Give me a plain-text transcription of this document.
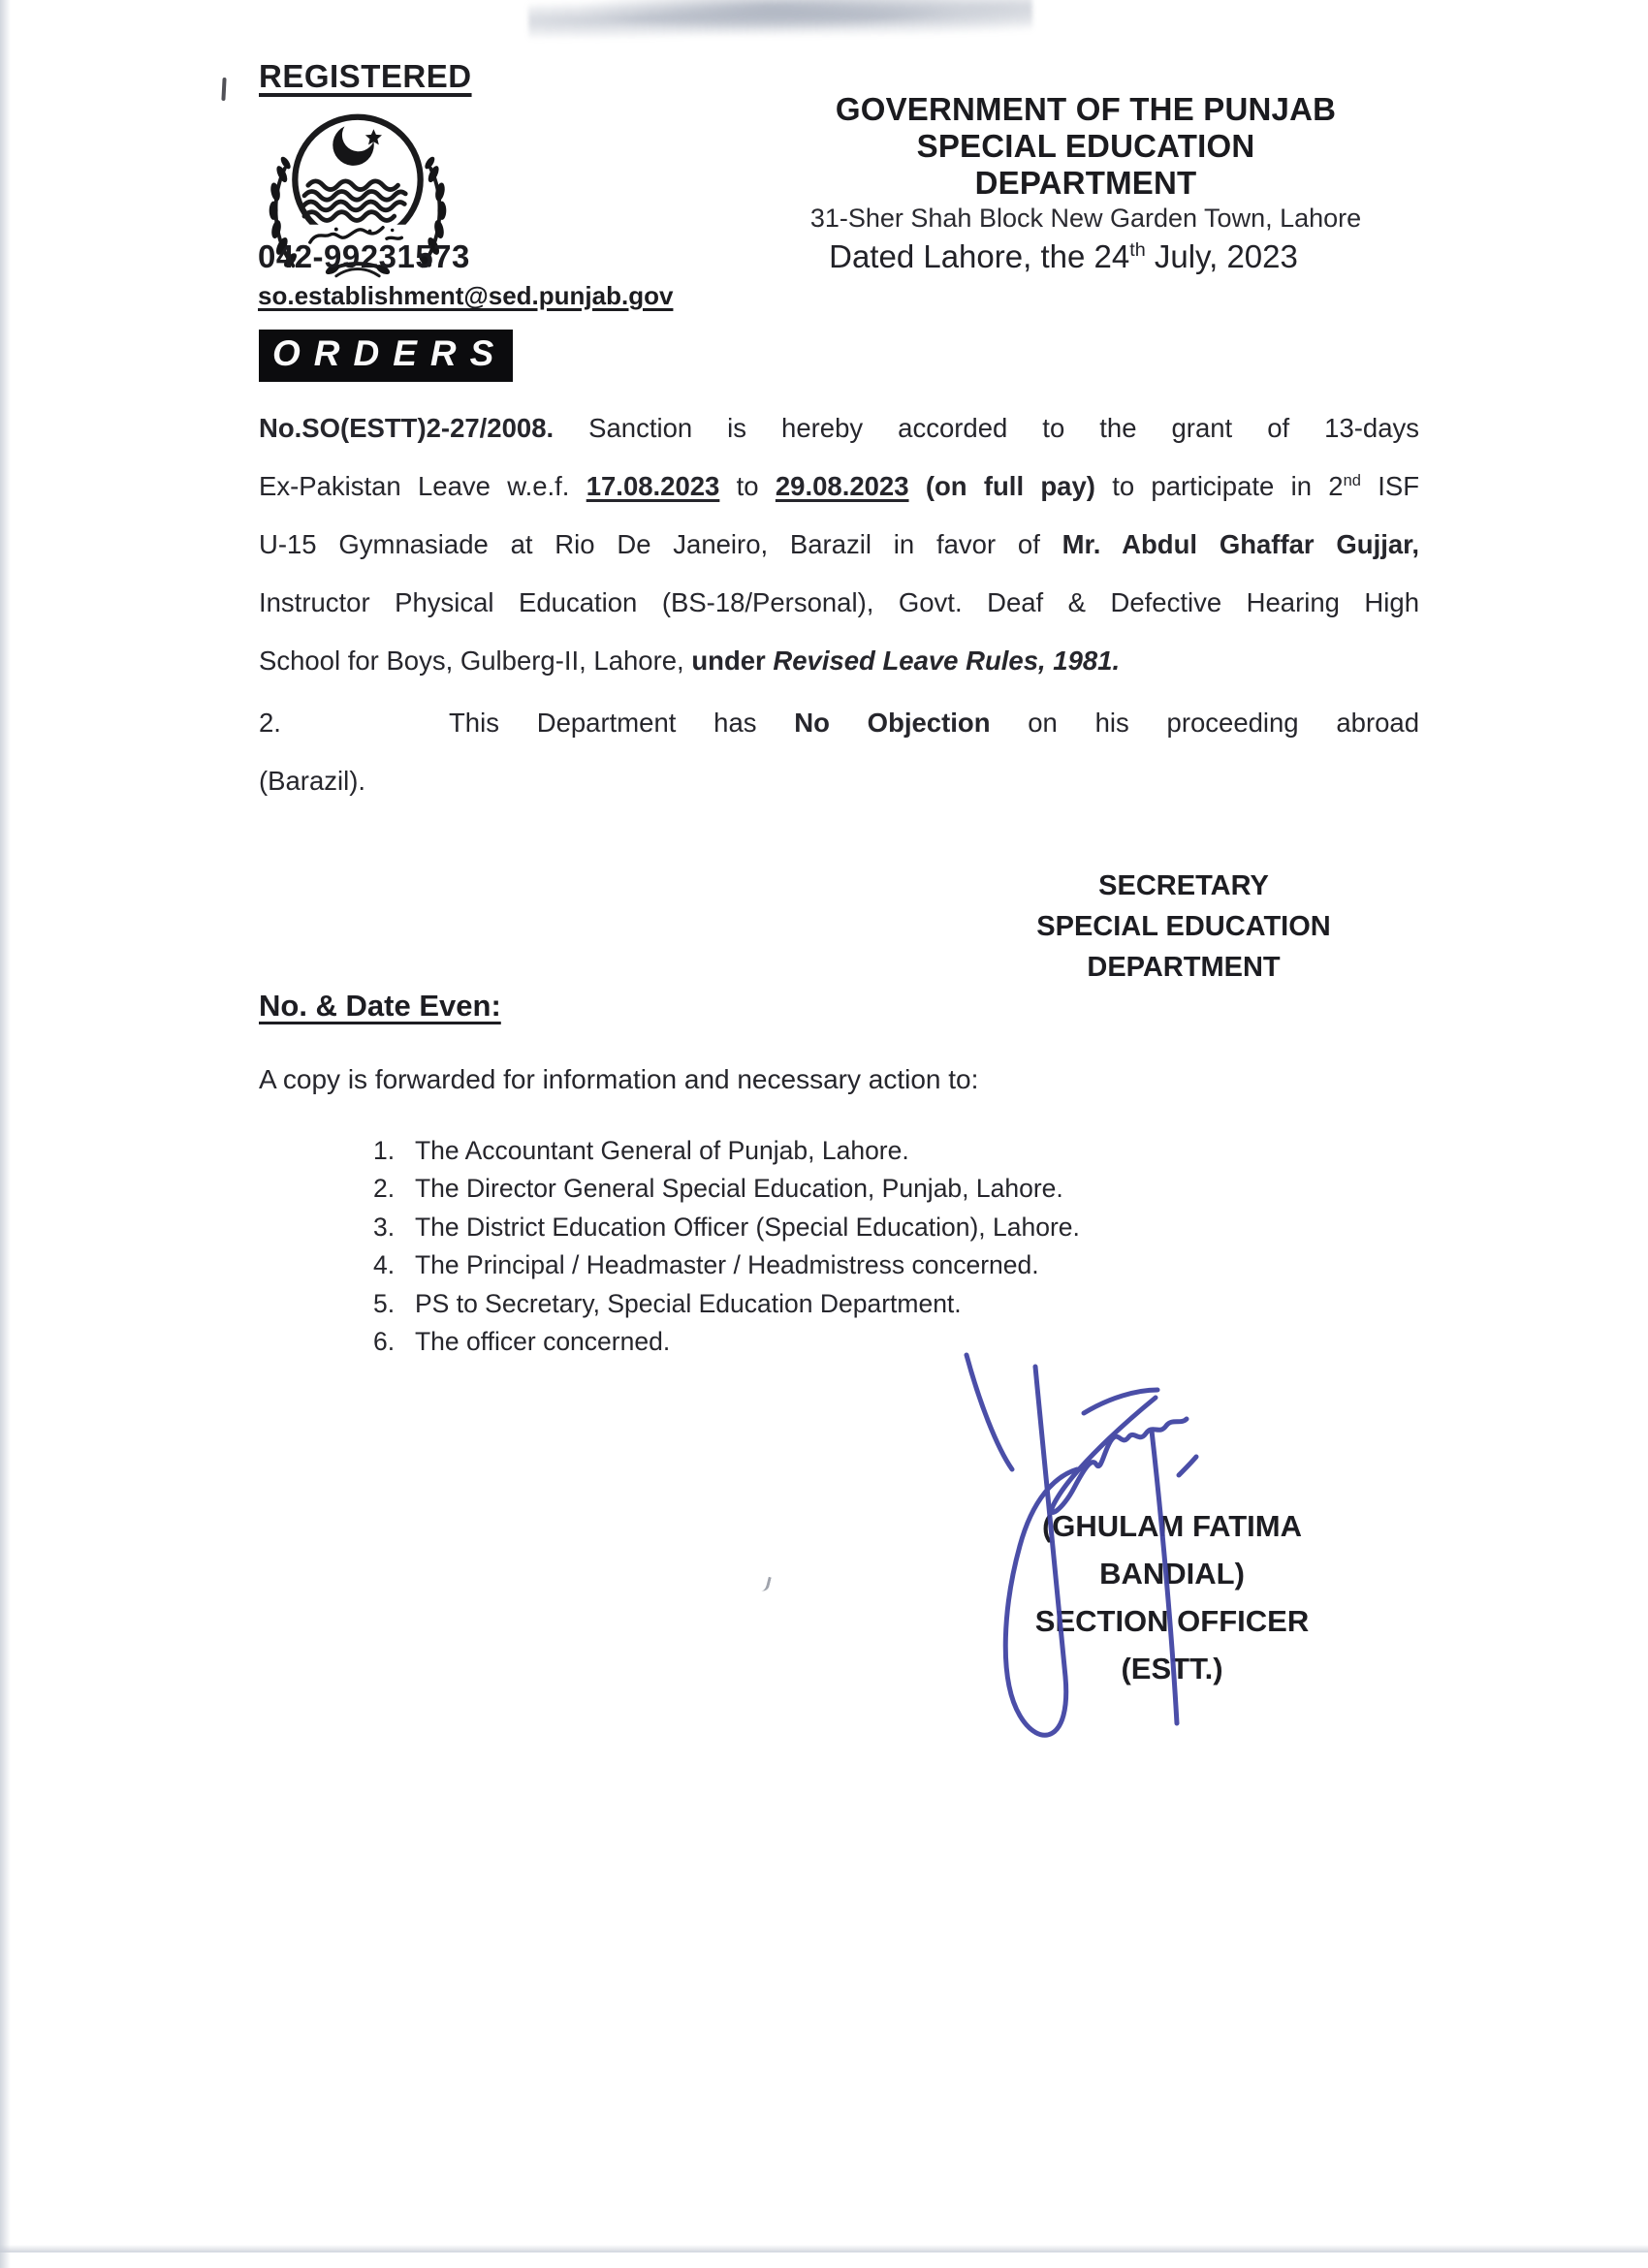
REGISTERED
042-99231573
so.establishment@sed.punjab.gov
GOVERNMENT OF THE PUNJAB
SPECIAL EDUCATION DEPARTMENT
31-Sher Shah Block New Garden Town, Lahore
Dated Lahore, the 24th July, 2023
ORDERS
No.SO(ESTT)2-27/2008. Sanction is hereby accorded to the grant of 13-days
Ex-Pakistan Leave w.e.f. 17.08.2023 to 29.08.2023 (on full pay) to participate in 2nd ISF
U-15 Gymnasiade at Rio De Janeiro, Barazil in favor of Mr. Abdul Ghaffar Gujjar,
Instructor Physical Education (BS-18/Personal), Govt. Deaf & Defective Hearing High
School for Boys, Gulberg-II, Lahore, under Revised Leave Rules, 1981.
2.	This Department has No Objection on his proceeding abroad
(Barazil).
SECRETARY
SPECIAL EDUCATION
DEPARTMENT
No. & Date Even:
A copy is forwarded for information and necessary action to:
1. The Accountant General of Punjab, Lahore.
2. The Director General Special Education, Punjab, Lahore.
3. The District Education Officer (Special Education), Lahore.
4. The Principal / Headmaster / Headmistress concerned.
5. PS to Secretary, Special Education Department.
6. The officer concerned.
(GHULAM FATIMA BANDIAL)
SECTION OFFICER (ESTT.)
